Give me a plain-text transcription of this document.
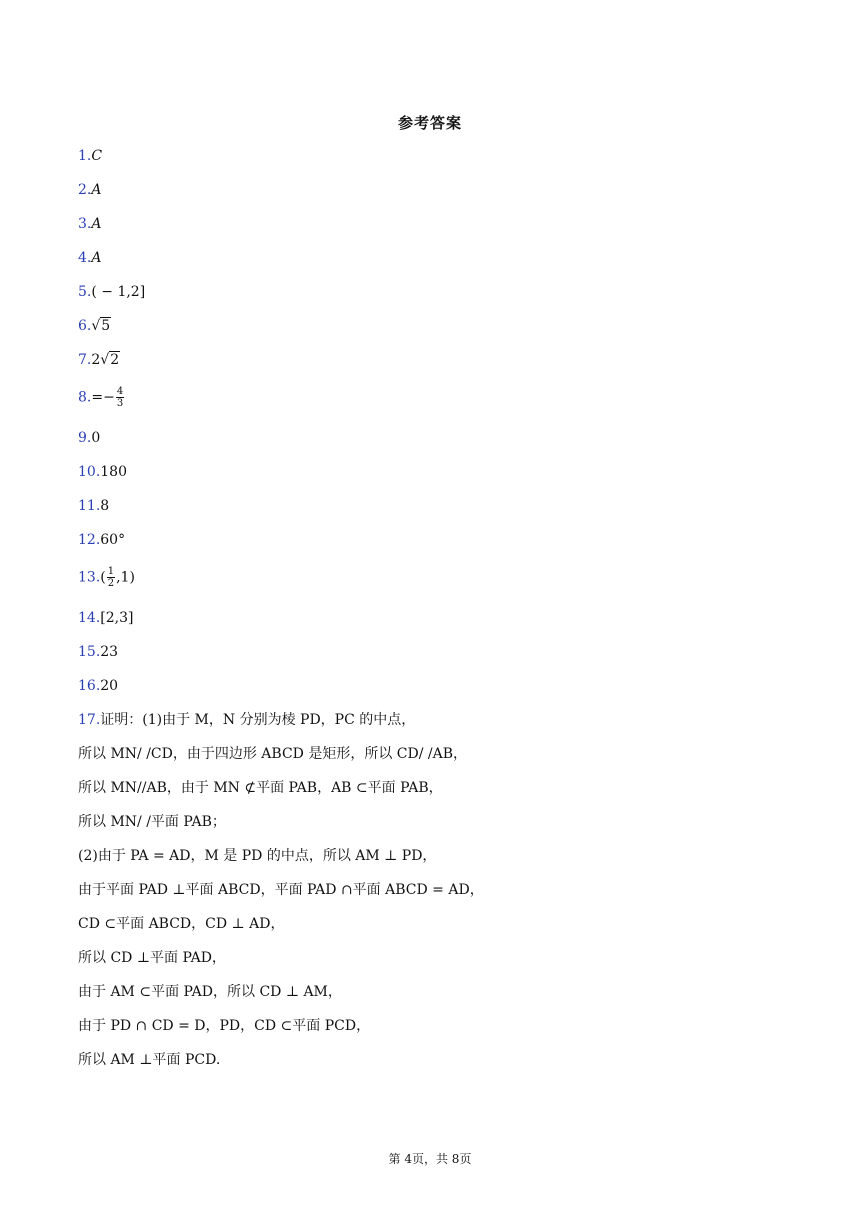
参考答案
1.C
2.A
3.A
4.A
5.( − 1,2]
6.√5
7.2√2
$8.=- \frac{4}{3}$
9.0
10.180
11.8
12.60°
$13.( \frac{1}{2} ,1)$
14.[2,3]
15.23
16.20
17.证明：(1)由于 M，N 分别为棱 PD，PC 的中点，
所以 MN/ /CD，由于四边形 ABCD 是矩形，所以 CD/ /AB，
所以 MN//AB，由于 MN ⊄平面 PAB，AB ⊂平面 PAB，
所以 MN/ /平面 PAB；
(2)由于 PA = AD，M 是 PD 的中点，所以 AM ⊥ PD，
由于平面 PAD ⊥平面 ABCD，平面 PAD ∩平面 ABCD = AD，
CD ⊂平面 ABCD，CD ⊥ AD，
所以 CD ⊥平面 PAD，
由于 AM ⊂平面 PAD，所以 CD ⊥ AM，
由于 PD ∩ CD = D，PD，CD ⊂平面 PCD，
所以 AM ⊥平面 PCD.
第 4页，共 8页
